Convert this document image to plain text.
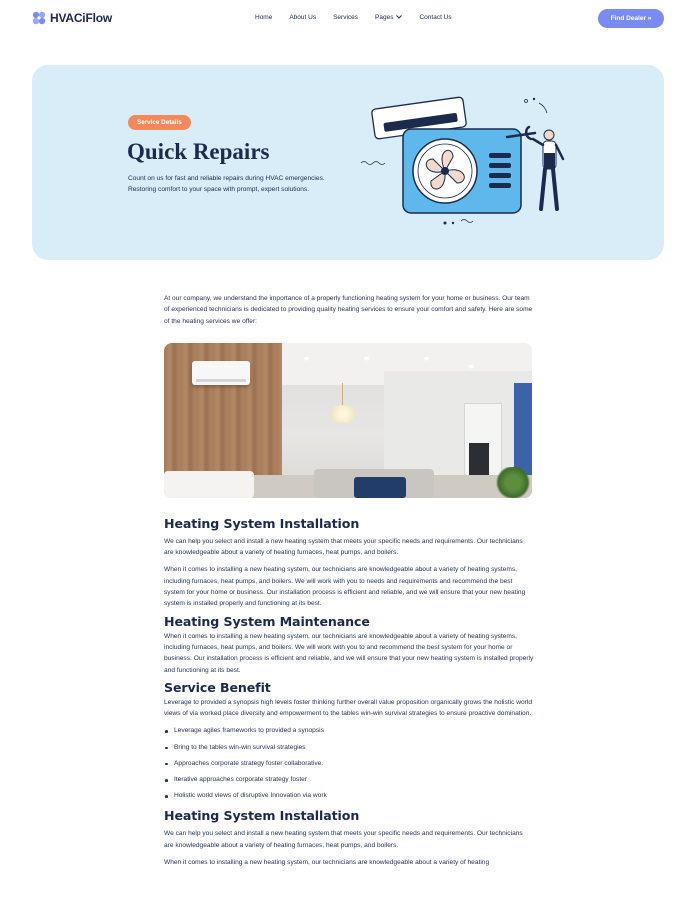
HVACiFlow	Home	About Us	Services	Pages	Contact Us	Find Dealer »
Service Details
Quick Repairs

Count on us for fast and reliable repairs during HVAC emergencies. Restoring comfort to your space with prompt, expert solutions.

At our company, we understand the importance of a properly functioning heating system for your home or business. Our team of experienced technicians is dedicated to providing quality heating services to ensure your comfort and safety. Here are some of the heating services we offer:

Heating System Installation

We can help you select and install a new heating system that meets your specific needs and requirements. Our technicians are knowledgeable about a variety of heating furnaces, heat pumps, and boilers.

When it comes to installing a new heating system, our technicians are knowledgeable about a variety of heating systems, including furnaces, heat pumps, and boilers. We will work with you to needs and requirements and recommend the best system for your home or business. Our installation process is efficient and reliable, and we will ensure that your new heating system is installed properly and functioning at its best.

Heating System Maintenance

When it comes to installing a new heating system, our technicians are knowledgeable about a variety of heating systems, including furnaces, heat pumps, and boilers. We will work with you to and recommend the best system for your home or business. Our installation process is efficient and reliable, and we will ensure that your new heating system is installed properly and functioning at its best.

Service Benefit

Leverage to provided a synopsis high levels foster thinking further overall value proposition organically grows the holistic world views of via worked place diversity and empowerment to the tables win-win survival strategies to ensure proactive domination.

Leverage agiles frameworks to provided a synopsis
Bring to the tables win-win survival strategies
Approaches corporate strategy foster collaborative.
Iterative approaches corporate strategy foster
Holistic world views of disruptive Innovation via work
Heating System Installation

We can help you select and install a new heating system that meets your specific needs and requirements. Our technicians are knowledgeable about a variety of heating furnaces, heat pumps, and boilers.

When it comes to installing a new heating system, our technicians are knowledgeable about a variety of heating
